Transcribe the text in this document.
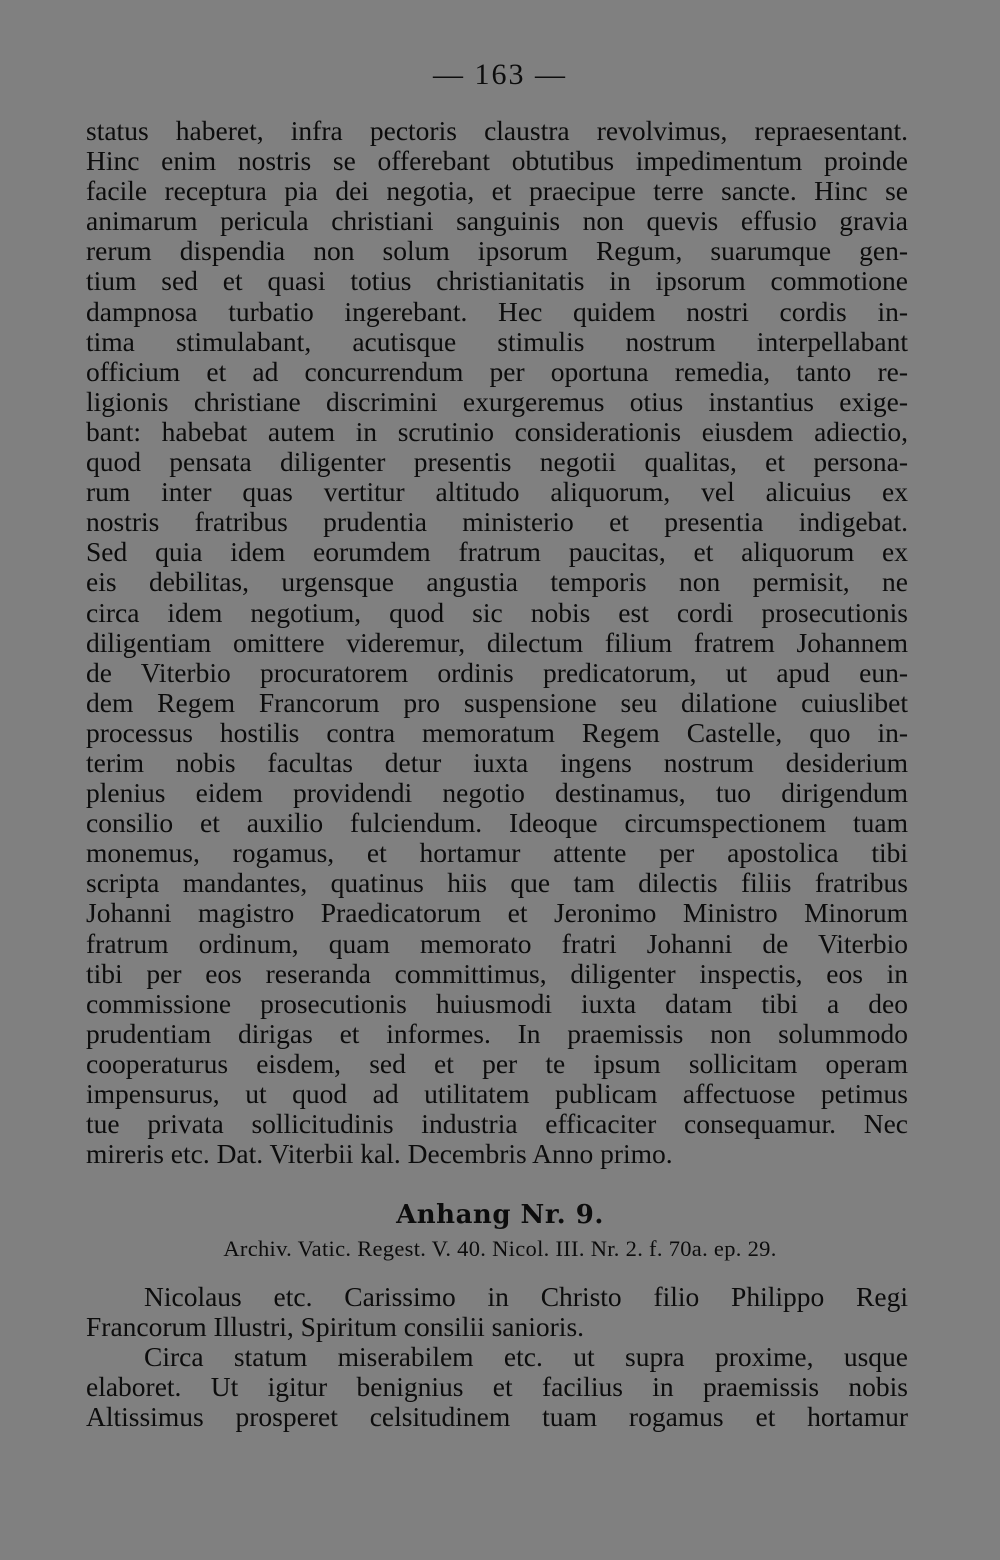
— 163 —
status haberet, infra pectoris claustra revolvimus, repraesentant.
Hinc enim nostris se offerebant obtutibus impedimentum proinde
facile receptura pia dei negotia, et praecipue terre sancte. Hinc se
animarum pericula christiani sanguinis non quevis effusio gravia
rerum dispendia non solum ipsorum Regum, suarumque gen-
tium sed et quasi totius christianitatis in ipsorum commotione
dampnosa turbatio ingerebant. Hec quidem nostri cordis in-
tima stimulabant, acutisque stimulis nostrum interpellabant
officium et ad concurrendum per oportuna remedia, tanto re-
ligionis christiane discrimini exurgeremus otius instantius exige-
bant: habebat autem in scrutinio considerationis eiusdem adiectio,
quod pensata diligenter presentis negotii qualitas, et persona-
rum inter quas vertitur altitudo aliquorum, vel alicuius ex
nostris fratribus prudentia ministerio et presentia indigebat.
Sed quia idem eorumdem fratrum paucitas, et aliquorum ex
eis debilitas, urgensque angustia temporis non permisit, ne
circa idem negotium, quod sic nobis est cordi prosecutionis
diligentiam omittere videremur, dilectum filium fratrem Johannem
de Viterbio procuratorem ordinis predicatorum, ut apud eun-
dem Regem Francorum pro suspensione seu dilatione cuiuslibet
processus hostilis contra memoratum Regem Castelle, quo in-
terim nobis facultas detur iuxta ingens nostrum desiderium
plenius eidem providendi negotio destinamus, tuo dirigendum
consilio et auxilio fulciendum. Ideoque circumspectionem tuam
monemus, rogamus, et hortamur attente per apostolica tibi
scripta mandantes, quatinus hiis que tam dilectis filiis fratribus
Johanni magistro Praedicatorum et Jeronimo Ministro Minorum
fratrum ordinum, quam memorato fratri Johanni de Viterbio
tibi per eos reseranda committimus, diligenter inspectis, eos in
commissione prosecutionis huiusmodi iuxta datam tibi a deo
prudentiam dirigas et informes. In praemissis non solummodo
cooperaturus eisdem, sed et per te ipsum sollicitam operam
impensurus, ut quod ad utilitatem publicam affectuose petimus
tue privata sollicitudinis industria efficaciter consequamur. Nec
mireris etc. Dat. Viterbii kal. Decembris Anno primo.
Anhang Nr. 9.
Archiv. Vatic. Regest. V. 40. Nicol. III. Nr. 2. f. 70a. ep. 29.
Nicolaus etc. Carissimo in Christo filio Philippo Regi
Francorum Illustri, Spiritum consilii sanioris.
Circa statum miserabilem etc. ut supra proxime, usque
elaboret. Ut igitur benignius et facilius in praemissis nobis
Altissimus prosperet celsitudinem tuam rogamus et hortamur
